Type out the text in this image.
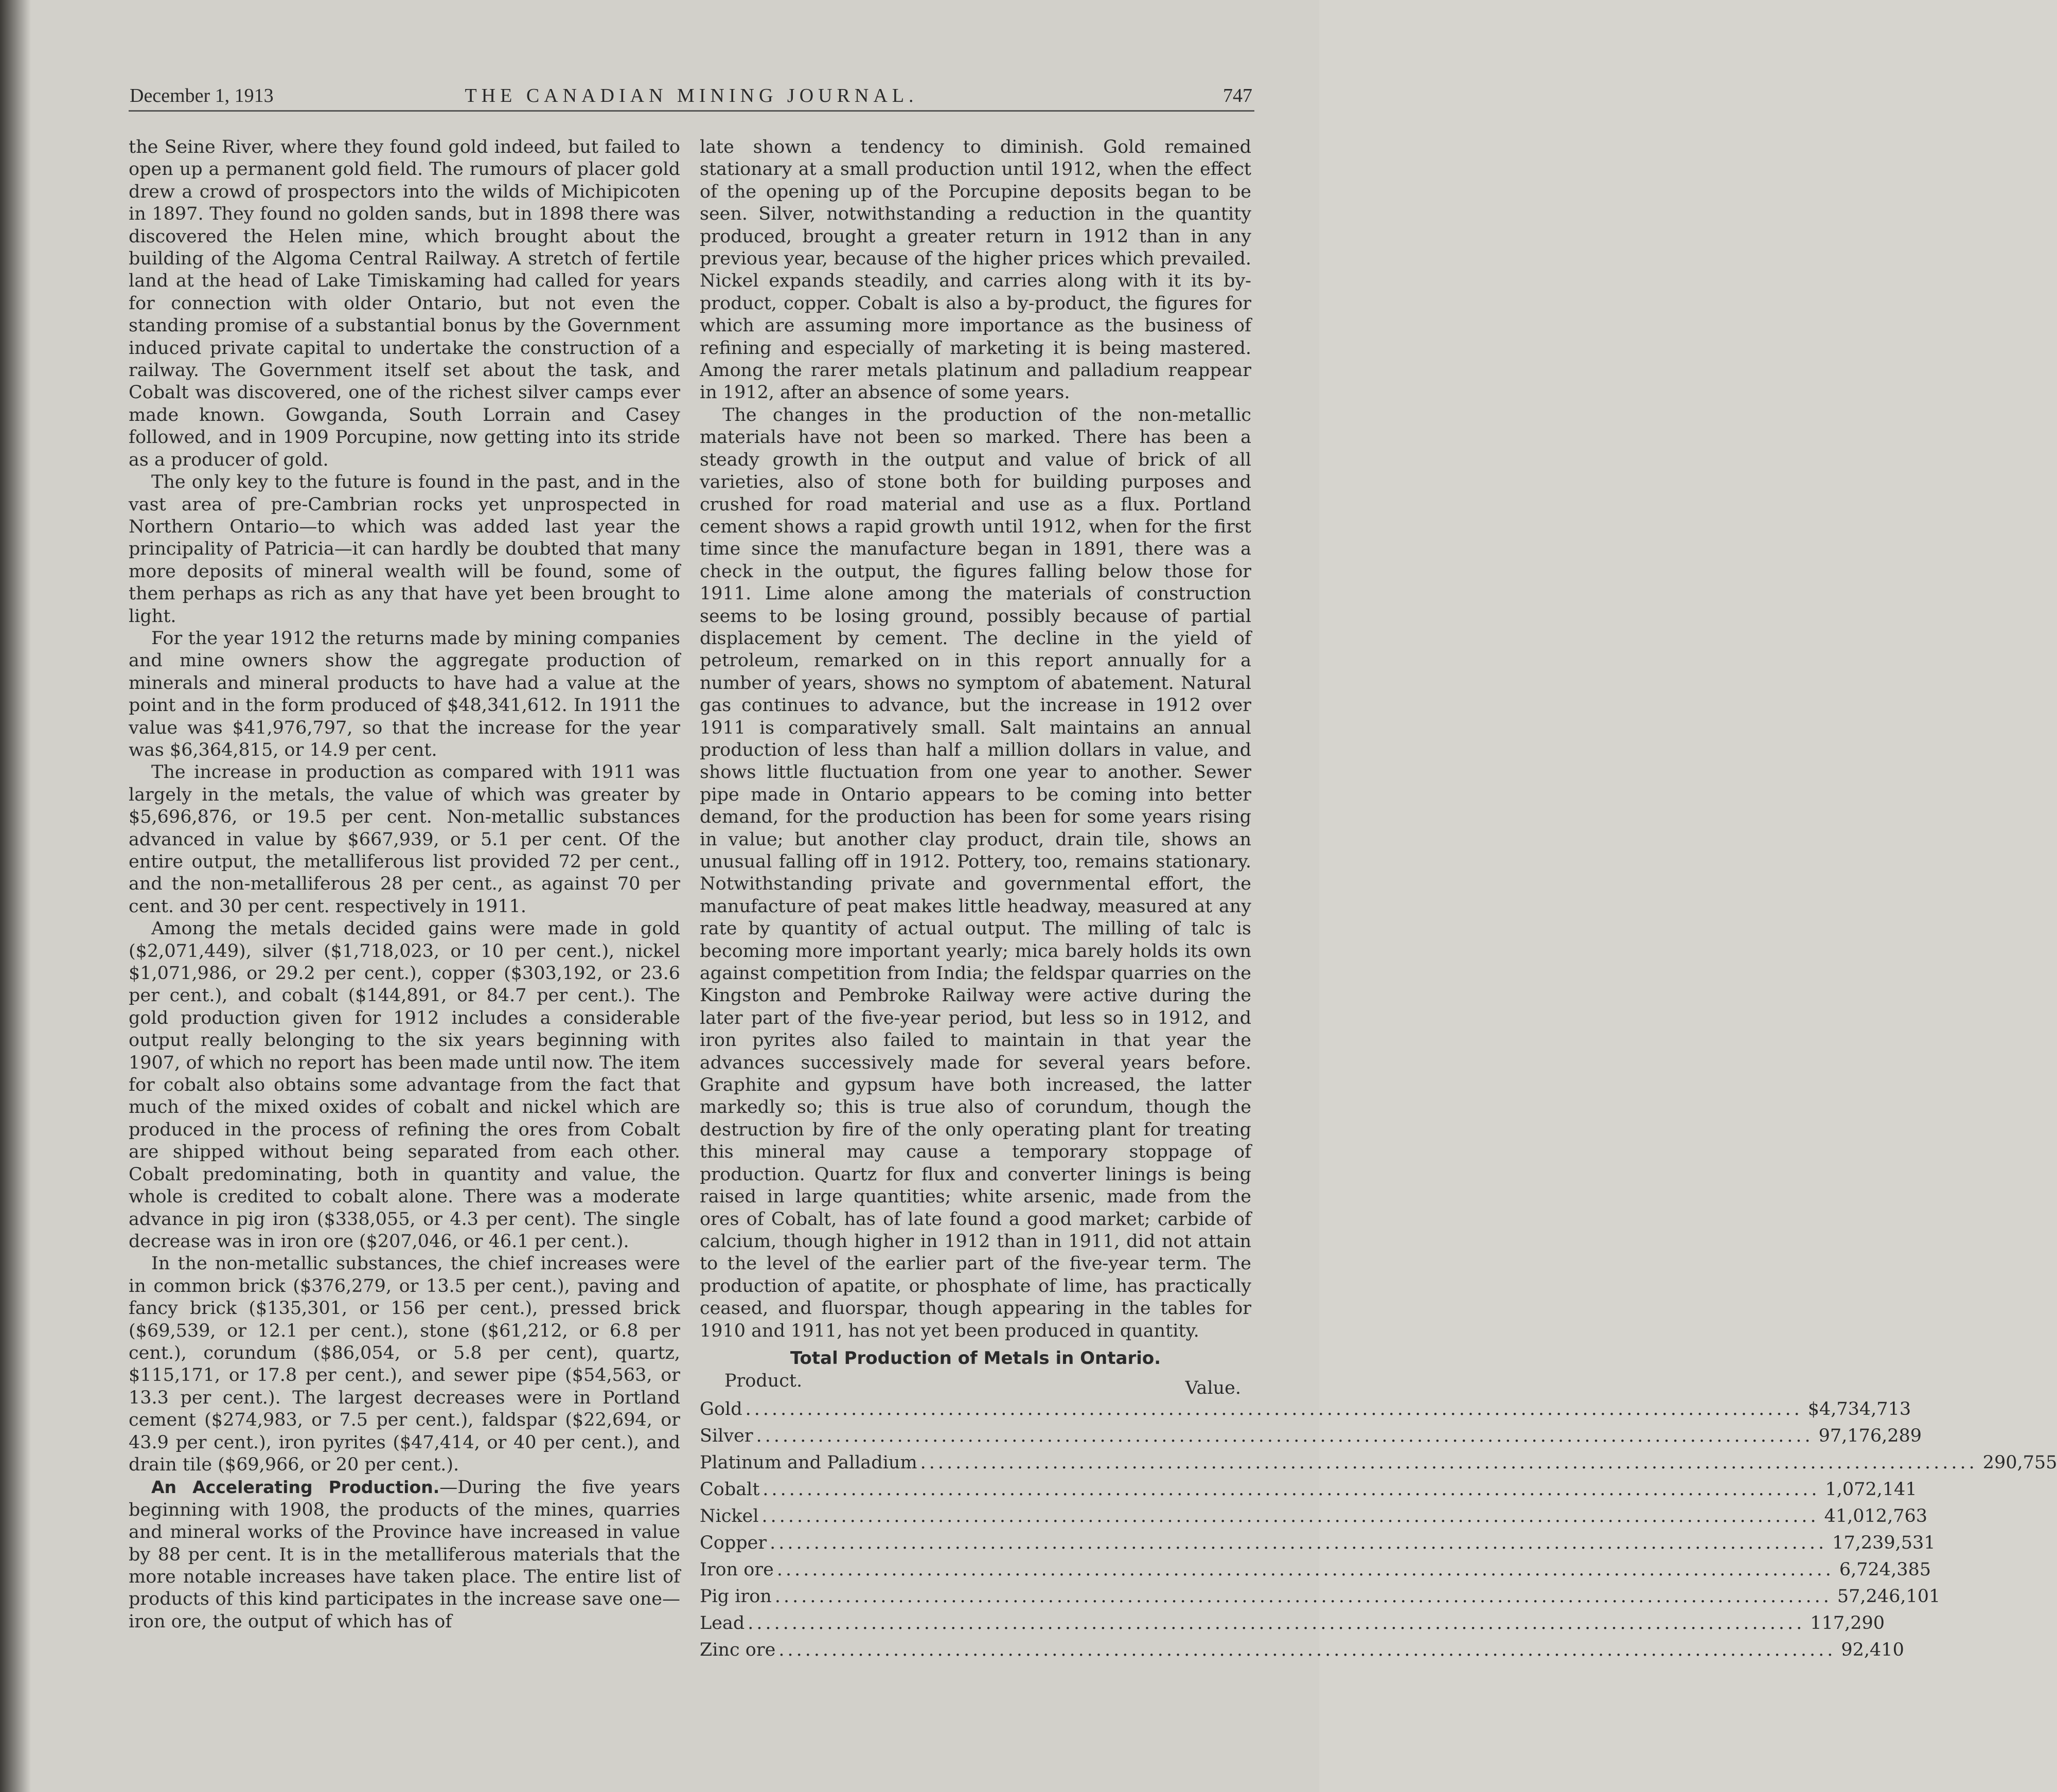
December 1, 1913	THE CANADIAN MINING JOURNAL.	747

the Seine River, where they found gold indeed, but failed to open up a permanent gold field. The rumours of placer gold drew a crowd of prospectors into the wilds of Michipicoten in 1897. They found no golden sands, but in 1898 there was discovered the Helen mine, which brought about the building of the Algoma Central Railway. A stretch of fertile land at the head of Lake Timiskaming had called for years for connection with older Ontario, but not even the standing promise of a substantial bonus by the Government induced private capital to undertake the construction of a railway. The Government itself set about the task, and Cobalt was discovered, one of the richest silver camps ever made known. Gowganda, South Lorrain and Casey followed, and in 1909 Porcupine, now getting into its stride as a producer of gold.

The only key to the future is found in the past, and in the vast area of pre-Cambrian rocks yet unprospected in Northern Ontario—to which was added last year the principality of Patricia—it can hardly be doubted that many more deposits of mineral wealth will be found, some of them perhaps as rich as any that have yet been brought to light.

For the year 1912 the returns made by mining companies and mine owners show the aggregate production of minerals and mineral products to have had a value at the point and in the form produced of $48,341,612. In 1911 the value was $41,976,797, so that the increase for the year was $6,364,815, or 14.9 per cent.

The increase in production as compared with 1911 was largely in the metals, the value of which was greater by $5,696,876, or 19.5 per cent. Non-metallic substances advanced in value by $667,939, or 5.1 per cent. Of the entire output, the metalliferous list provided 72 per cent., and the non-metalliferous 28 per cent., as against 70 per cent. and 30 per cent. respectively in 1911.

Among the metals decided gains were made in gold ($2,071,449), silver ($1,718,023, or 10 per cent.), nickel $1,071,986, or 29.2 per cent.), copper ($303,192, or 23.6 per cent.), and cobalt ($144,891, or 84.7 per cent.). The gold production given for 1912 includes a considerable output really belonging to the six years beginning with 1907, of which no report has been made until now. The item for cobalt also obtains some advantage from the fact that much of the mixed oxides of cobalt and nickel which are produced in the process of refining the ores from Cobalt are shipped without being separated from each other. Cobalt predominating, both in quantity and value, the whole is credited to cobalt alone. There was a moderate advance in pig iron ($338,055, or 4.3 per cent). The single decrease was in iron ore ($207,046, or 46.1 per cent.).

In the non-metallic substances, the chief increases were in common brick ($376,279, or 13.5 per cent.), paving and fancy brick ($135,301, or 156 per cent.), pressed brick ($69,539, or 12.1 per cent.), stone ($61,212, or 6.8 per cent.), corundum ($86,054, or 5.8 per cent), quartz, $115,171, or 17.8 per cent.), and sewer pipe ($54,563, or 13.3 per cent.). The largest decreases were in Portland cement ($274,983, or 7.5 per cent.), faldspar ($22,694, or 43.9 per cent.), iron pyrites ($47,414, or 40 per cent.), and drain tile ($69,966, or 20 per cent.).

An Accelerating Production.—During the five years beginning with 1908, the products of the mines, quarries and mineral works of the Province have increased in value by 88 per cent. It is in the metalliferous materials that the more notable increases have taken place. The entire list of products of this kind participates in the increase save one—iron ore, the output of which has of

late shown a tendency to diminish. Gold remained stationary at a small production until 1912, when the effect of the opening up of the Porcupine deposits began to be seen. Silver, notwithstanding a reduction in the quantity produced, brought a greater return in 1912 than in any previous year, because of the higher prices which prevailed. Nickel expands steadily, and carries along with it its by-product, copper. Cobalt is also a by-product, the figures for which are assuming more importance as the business of refining and especially of marketing it is being mastered. Among the rarer metals platinum and palladium reappear in 1912, after an absence of some years.

The changes in the production of the non-metallic materials have not been so marked. There has been a steady growth in the output and value of brick of all varieties, also of stone both for building purposes and crushed for road material and use as a flux. Portland cement shows a rapid growth until 1912, when for the first time since the manufacture began in 1891, there was a check in the output, the figures falling below those for 1911. Lime alone among the materials of construction seems to be losing ground, possibly because of partial displacement by cement. The decline in the yield of petroleum, remarked on in this report annually for a number of years, shows no symptom of abatement. Natural gas continues to advance, but the increase in 1912 over 1911 is comparatively small. Salt maintains an annual production of less than half a million dollars in value, and shows little fluctuation from one year to another. Sewer pipe made in Ontario appears to be coming into better demand, for the production has been for some years rising in value; but another clay product, drain tile, shows an unusual falling off in 1912. Pottery, too, remains stationary. Notwithstanding private and governmental effort, the manufacture of peat makes little headway, measured at any rate by quantity of actual output. The milling of talc is becoming more important yearly; mica barely holds its own against competition from India; the feldspar quarries on the Kingston and Pembroke Railway were active during the later part of the five-year period, but less so in 1912, and iron pyrites also failed to maintain in that year the advances successively made for several years before. Graphite and gypsum have both increased, the latter markedly so; this is true also of corundum, though the destruction by fire of the only operating plant for treating this mineral may cause a temporary stoppage of production. Quartz for flux and converter linings is being raised in large quantities; white arsenic, made from the ores of Cobalt, has of late found a good market; carbide of calcium, though higher in 1912 than in 1911, did not attain to the level of the earlier part of the five-year term. The production of apatite, or phosphate of lime, has practically ceased, and fluorspar, though appearing in the tables for 1910 and 1911, has not yet been produced in quantity.

Total Production of Metals in Ontario.
Product.	Value.
Gold ........................................................................................................................ $4,734,713
Silver ........................................................................................................................ 97,176,289
Platinum and Palladium ........................................................................................................................ 290,755
Cobalt ........................................................................................................................ 1,072,141
Nickel ........................................................................................................................ 41,012,763
Copper ........................................................................................................................ 17,239,531
Iron ore ........................................................................................................................ 6,724,385
Pig iron ........................................................................................................................ 57,246,101
Lead ........................................................................................................................ 117,290
Zinc ore ........................................................................................................................ 92,410
